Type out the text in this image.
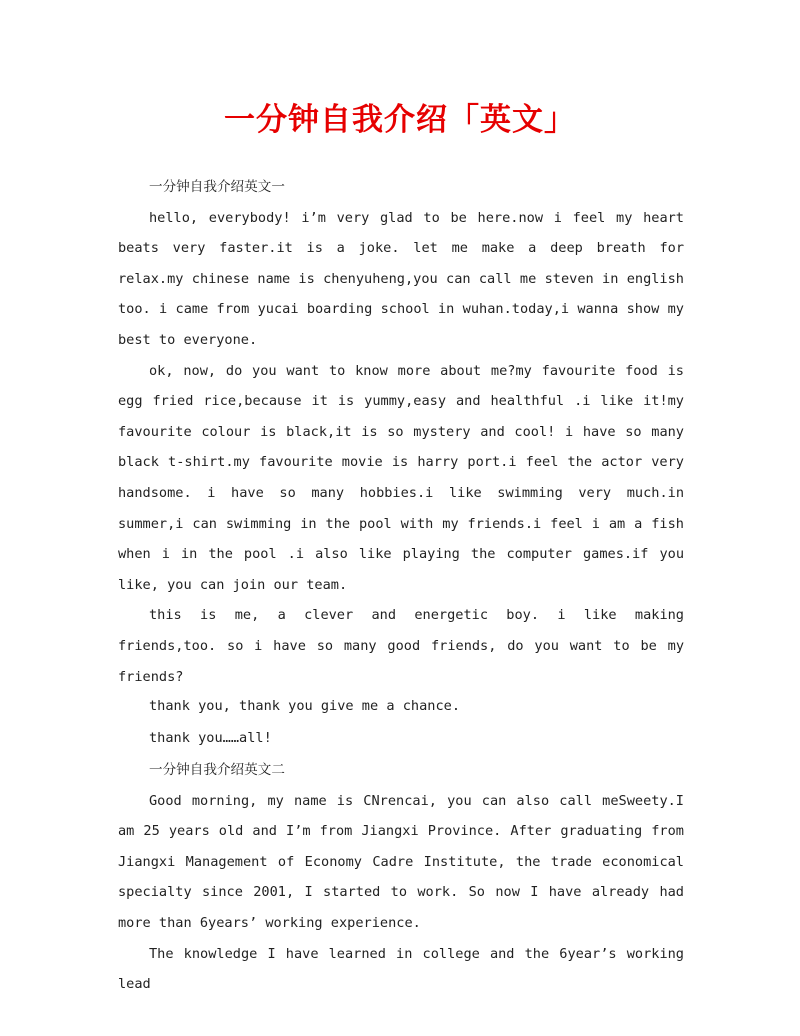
一分钟自我介绍「英文」
一分钟自我介绍英文一

hello, everybody! i’m very glad to be here.now i feel my heart beats very faster.it is a joke. let me make a deep breath for relax.my chinese name is chenyuheng,you can call me steven in english too. i came from yucai boarding school in wuhan.today,i wanna show my best to everyone.

ok, now, do you want to know more about me?my favourite food is egg fried rice,because it is yummy,easy and healthful .i like it!my favourite colour is black,it is so mystery and cool! i have so many black t-shirt.my favourite movie is harry port.i feel the actor very handsome. i have so many hobbies.i like swimming very much.in summer,i can swimming in the pool with my friends.i feel i am a fish when i in the pool .i also like playing the computer games.if you like, you can join our team.

this is me, a clever and energetic boy. i like making friends,too. so i have so many good friends, do you want to be my friends?

thank you, thank you give me a chance.

thank you……all!

一分钟自我介绍英文二

Good morning, my name is CNrencai, you can also call meSweety.I am 25 years old and I’m from Jiangxi Province. After graduating from Jiangxi Management of Economy Cadre Institute, the trade economical specialty since 2001, I started to work. So now I have already had more than 6years’ working experience.

The knowledge I have learned in college and the 6year’s working lead
